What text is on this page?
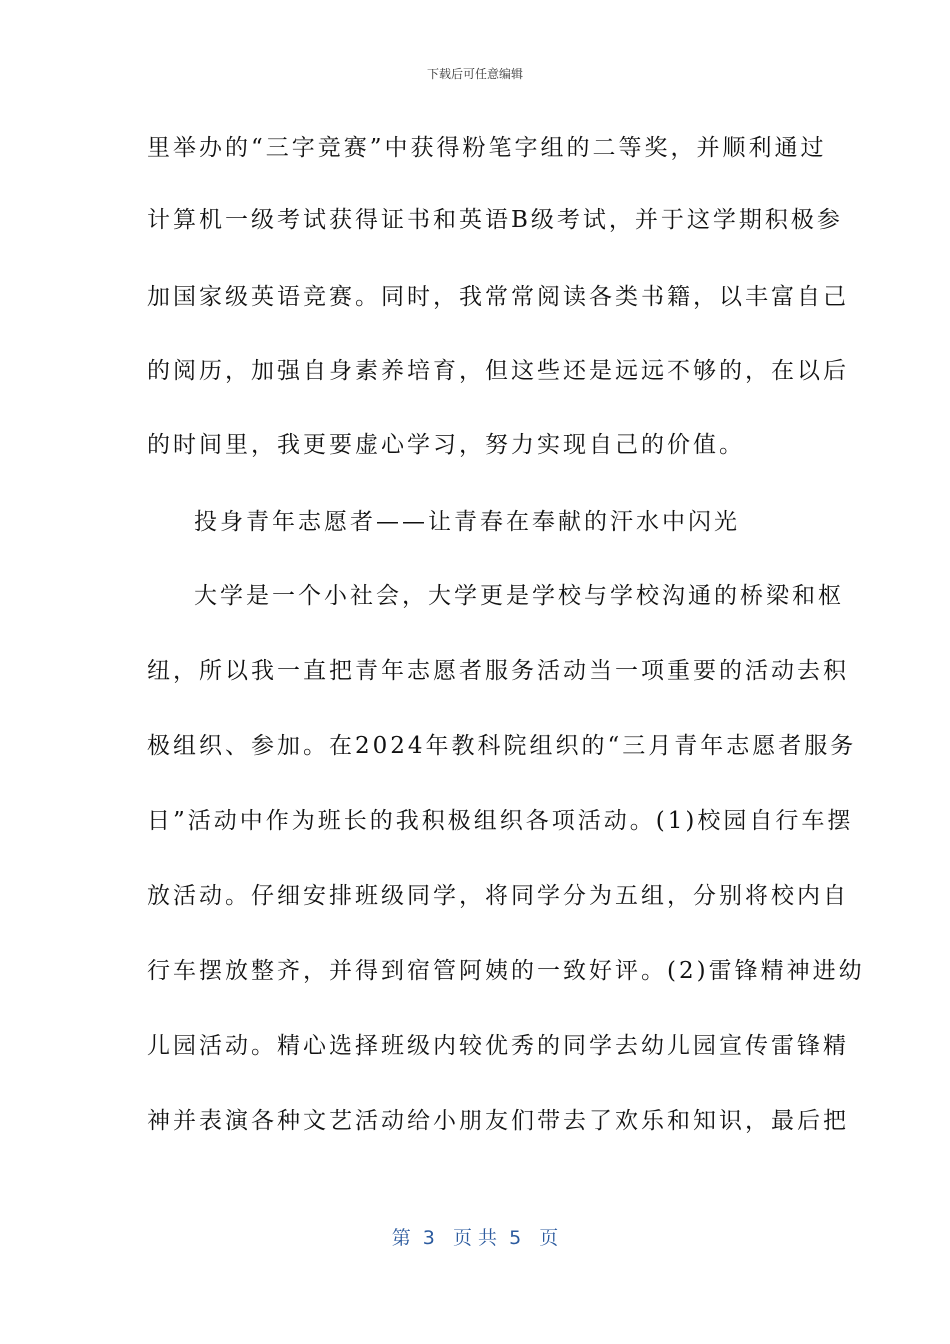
下载后可任意编辑
里举办的“三字竞赛”中获得粉笔字组的二等奖，并顺利通过
计算机一级考试获得证书和英语B级考试，并于这学期积极参
加国家级英语竞赛。同时，我常常阅读各类书籍，以丰富自己
的阅历，加强自身素养培育，但这些还是远远不够的，在以后
的时间里，我更要虚心学习，努力实现自己的价值。
投身青年志愿者——让青春在奉献的汗水中闪光
大学是一个小社会，大学更是学校与学校沟通的桥梁和枢
纽，所以我一直把青年志愿者服务活动当一项重要的活动去积
极组织、参加。在2024年教科院组织的“三月青年志愿者服务
日”活动中作为班长的我积极组织各项活动。(1)校园自行车摆
放活动。仔细安排班级同学，将同学分为五组，分别将校内自
行车摆放整齐，并得到宿管阿姨的一致好评。(2)雷锋精神进幼
儿园活动。精心选择班级内较优秀的同学去幼儿园宣传雷锋精
神并表演各种文艺活动给小朋友们带去了欢乐和知识，最后把
第  3   页 共  5   页
